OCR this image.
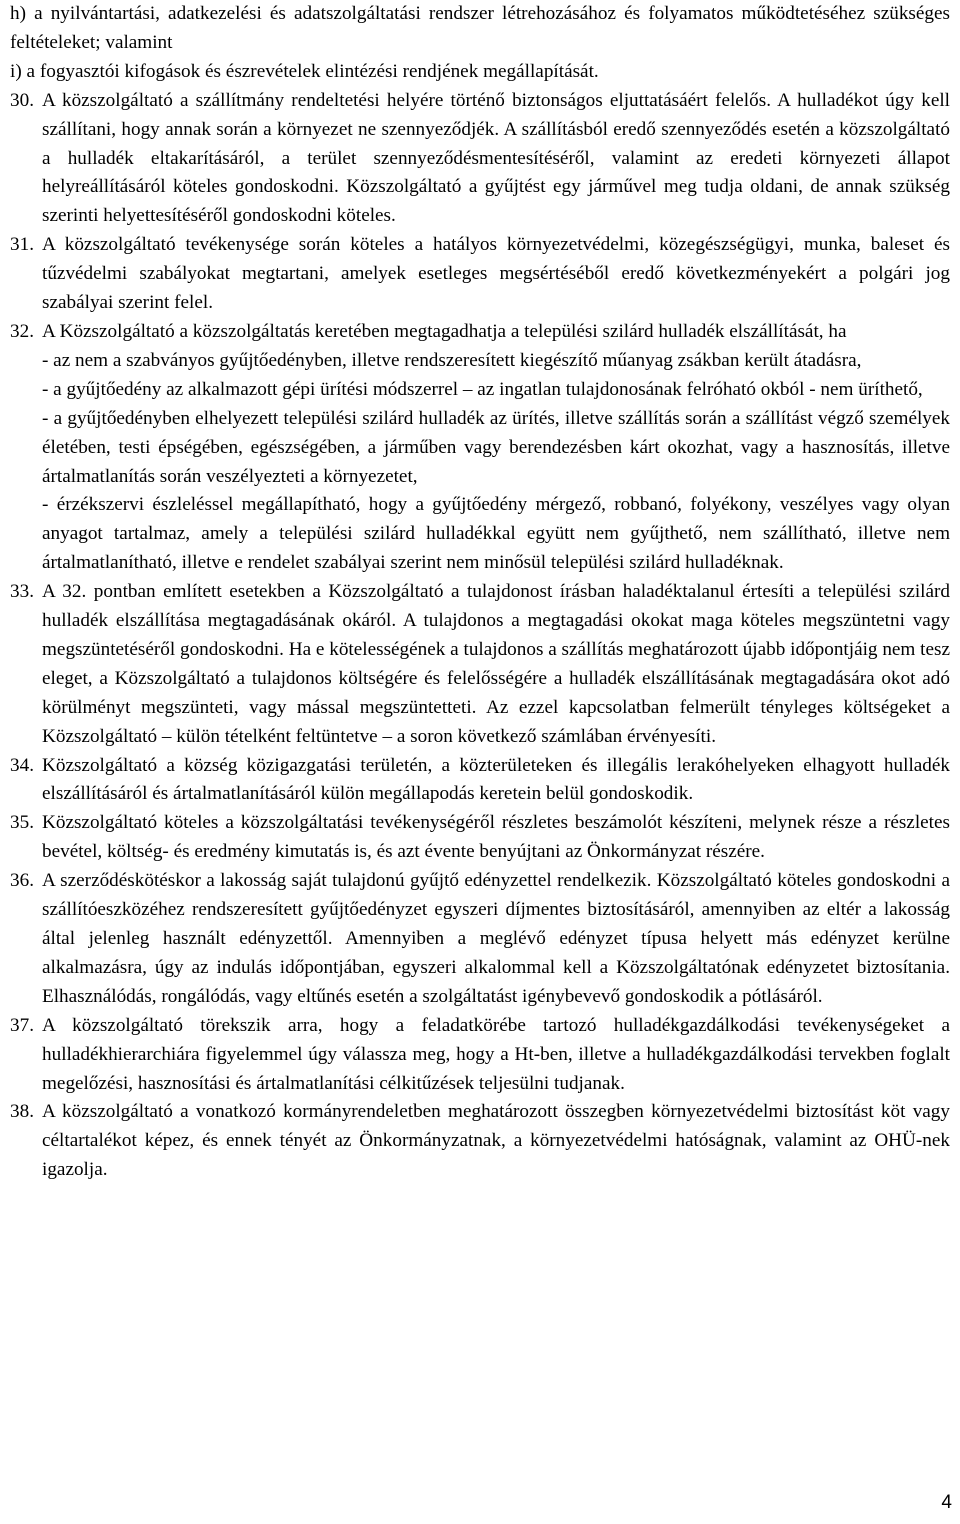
h) a nyilvántartási, adatkezelési és adatszolgáltatási rendszer létrehozásához és folyamatos működtetéséhez szükséges feltételeket; valamint

i) a fogyasztói kifogások és észrevételek elintézési rendjének megállapítását.

30. A közszolgáltató a szállítmány rendeltetési helyére történő biztonságos eljuttatásáért felelős. A hulladékot úgy kell szállítani, hogy annak során a környezet ne szennyeződjék. A szállításból eredő szennyeződés esetén a közszolgáltató a hulladék eltakarításáról, a terület szennyeződésmentesítéséről, valamint az eredeti környezeti állapot helyreállításáról köteles gondoskodni. Közszolgáltató a gyűjtést egy járművel meg tudja oldani, de annak szükség szerinti helyettesítéséről gondoskodni köteles.

31. A közszolgáltató tevékenysége során köteles a hatályos környezetvédelmi, közegészségügyi, munka, baleset és tűzvédelmi szabályokat megtartani, amelyek esetleges megsértéséből eredő következményekért a polgári jog szabályai szerint felel.

32. A Közszolgáltató a közszolgáltatás keretében megtagadhatja a települési szilárd hulladék elszállítását, ha

- az nem a szabványos gyűjtőedényben, illetve rendszeresített kiegészítő műanyag zsákban került átadásra,

- a gyűjtőedény az alkalmazott gépi ürítési módszerrel – az ingatlan tulajdonosának felróható okból - nem üríthető,

- a gyűjtőedényben elhelyezett települési szilárd hulladék az ürítés, illetve szállítás során a szállítást végző személyek életében, testi épségében, egészségében, a járműben vagy berendezésben kárt okozhat, vagy a hasznosítás, illetve ártalmatlanítás során veszélyezteti a környezetet,

- érzékszervi észleléssel megállapítható, hogy a gyűjtőedény mérgező, robbanó, folyékony, veszélyes vagy olyan anyagot tartalmaz, amely a települési szilárd hulladékkal együtt nem gyűjthető, nem szállítható, illetve nem ártalmatlanítható, illetve e rendelet szabályai szerint nem minősül települési szilárd hulladéknak.

33. A 32. pontban említett esetekben a Közszolgáltató a tulajdonost írásban haladéktalanul értesíti a települési szilárd hulladék elszállítása megtagadásának okáról. A tulajdonos a megtagadási okokat maga köteles megszüntetni vagy megszüntetéséről gondoskodni. Ha e kötelességének a tulajdonos a szállítás meghatározott újabb időpontjáig nem tesz eleget, a Közszolgáltató a tulajdonos költségére és felelősségére a hulladék elszállításának megtagadására okot adó körülményt megszünteti, vagy mással megszüntetteti. Az ezzel kapcsolatban felmerült tényleges költségeket a Közszolgáltató – külön tételként feltüntetve – a soron következő számlában érvényesíti.

34. Közszolgáltató a község közigazgatási területén, a közterületeken és illegális lerakóhelyeken elhagyott hulladék elszállításáról és ártalmatlanításáról külön megállapodás keretein belül gondoskodik.

35. Közszolgáltató köteles a közszolgáltatási tevékenységéről részletes beszámolót készíteni, melynek része a részletes bevétel, költség- és eredmény kimutatás is, és azt évente benyújtani az Önkormányzat részére.

36. A szerződéskötéskor a lakosság saját tulajdonú gyűjtő edényzettel rendelkezik. Közszolgáltató köteles gondoskodni a szállítóeszközéhez rendszeresített gyűjtőedényzet egyszeri díjmentes biztosításáról, amennyiben az eltér a lakosság által jelenleg használt edényzettől. Amennyiben a meglévő edényzet típusa helyett más edényzet kerülne alkalmazásra, úgy az indulás időpontjában, egyszeri alkalommal kell a Közszolgáltatónak edényzetet biztosítania. Elhasználódás, rongálódás, vagy eltűnés esetén a szolgáltatást igénybevevő gondoskodik a pótlásáról.

37. A közszolgáltató törekszik arra, hogy a feladatkörébe tartozó hulladékgazdálkodási tevékenységeket a hulladékhierarchiára figyelemmel úgy válassza meg, hogy a Ht-ben, illetve a hulladékgazdálkodási tervekben foglalt megelőzési, hasznosítási és ártalmatlanítási célkitűzések teljesülni tudjanak.

38. A közszolgáltató a vonatkozó kormányrendeletben meghatározott összegben környezetvédelmi biztosítást köt vagy céltartalékot képez, és ennek tényét az Önkormányzatnak, a környezetvédelmi hatóságnak, valamint az OHÜ-nek igazolja.

4
